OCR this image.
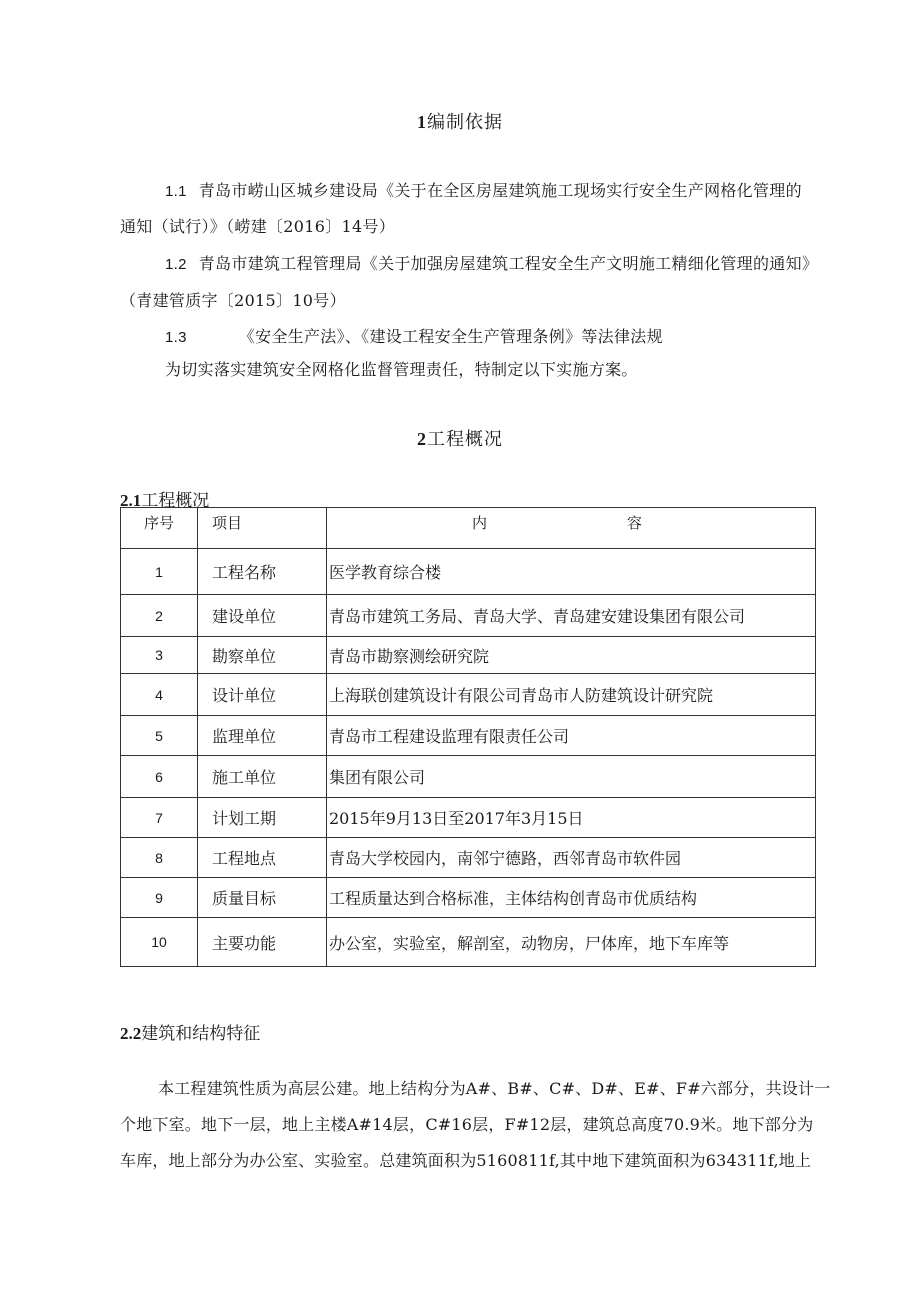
1编制依据
1.1 青岛市崂山区城乡建设局《关于在全区房屋建筑施工现场实行安全生产网格化管理的
通知（试行）》（崂建〔2016〕14号）
1.2 青岛市建筑工程管理局《关于加强房屋建筑工程安全生产文明施工精细化管理的通知》
（青建管质字〔2015〕10号）
1.3	《安全生产法》、《建设工程安全生产管理条例》等法律法规
为切实落实建筑安全网格化监督管理责任，特制定以下实施方案。
2工程概况
2.1工程概况
序号	项目	内 容

1	工程名称	医学教育综合楼
2	建设单位	青岛市建筑工务局、青岛大学、青岛建安建设集团有限公司
3	勘察单位	青岛市勘察测绘研究院
4	设计单位	上海联创建筑设计有限公司青岛市人防建筑设计研究院
5	监理单位	青岛市工程建设监理有限责任公司
6	施工单位	集团有限公司
7	计划工期	2015年9月13日至2017年3月15日
8	工程地点	青岛大学校园内，南邻宁德路，西邻青岛市软件园
9	质量目标	工程质量达到合格标准，主体结构创青岛市优质结构
10	主要功能	办公室，实验室，解剖室，动物房，尸体库，地下车库等
2.2建筑和结构特征
本工程建筑性质为高层公建。地上结构分为A#、B#、C#、D#、E#、F#六部分，共设计一
个地下室。地下一层，地上主楼A#14层，C#16层，F#12层，建筑总高度70.9米。地下部分为
车库，地上部分为办公室、实验室。总建筑面积为5160811f,其中地下建筑面积为634311f,地上
